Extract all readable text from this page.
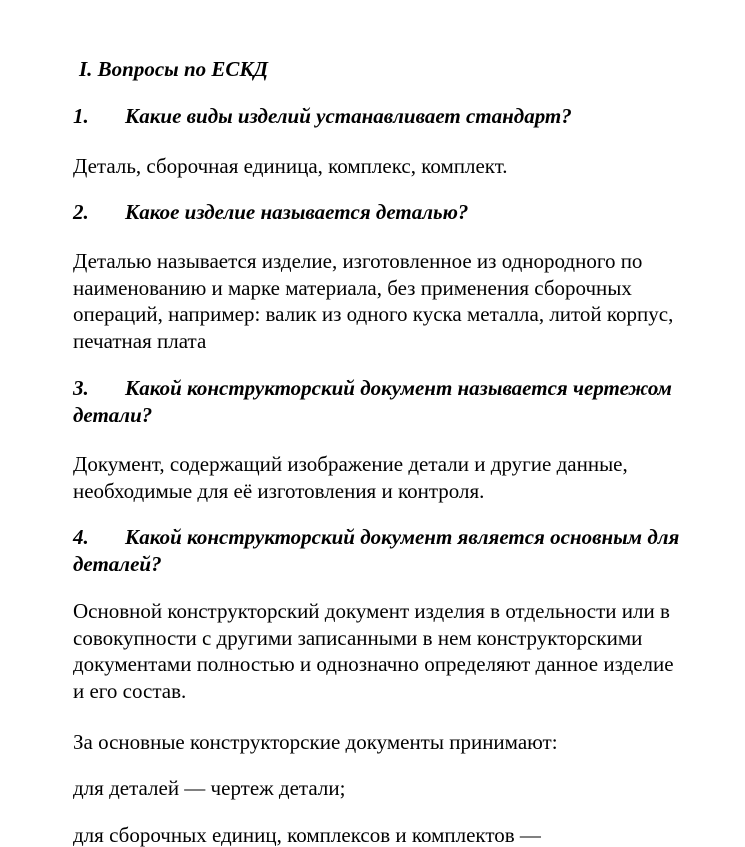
I. Вопросы по ЕСКД

1. Какие виды изделий устанавливает стандарт?

Деталь, сборочная единица, комплекс, комплект.

2. Какое изделие называется деталью?

Деталью называется изделие, изготовленное из однородного по
наименованию и марке материала, без применения сборочных
операций, например: валик из одного куска металла, литой корпус,
печатная плата

3. Какой конструкторский документ называется чертежом
детали?

Документ, содержащий изображение детали и другие данные,
необходимые для её изготовления и контроля.

4. Какой конструкторский документ является основным для
деталей?

Основной конструкторский документ изделия в отдельности или в
совокупности с другими записанными в нем конструкторскими
документами полностью и однозначно определяют данное изделие
и его состав.

За основные конструкторские документы принимают:

для деталей — чертеж детали;

для сборочных единиц, комплексов и комплектов —
